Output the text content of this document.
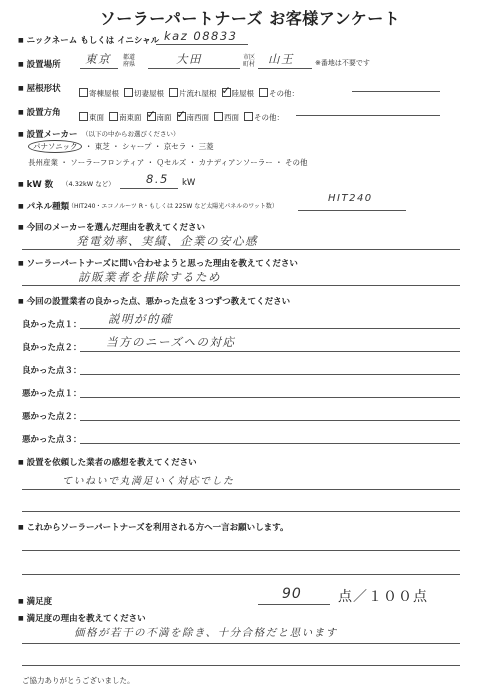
ソーラーパートナーズ お客様アンケート
■ ニックネーム もしくは イニシャル kaz 08833
■ 設置場所 東京 都道府県	大田	市区町村 山王	※番地は不要です
■ 屋根形状	寄棟屋根 切妻屋根 片流れ屋根 ✓ 陸屋根 その他：
■ 設置方角	東面 南東面 ✓ 南面 ✓ 南西面 西面 その他：
■ 設置メーカー （以下の中からお選びください）
パナソニック ・ 東芝 ・ シャープ ・ 京セラ ・ 三菱
長州産業 ・ ソーラーフロンティア ・ Ｑセルズ ・ カナディアンソーラー ・ その他
■ kW 数 （4.32kW など）	8.5 kW
■ パネル種類
（HIT240・エコノルーツ R・もしくは 225W など太陽光パネルのワット数）
HIT240
■ 今回のメーカーを選んだ理由を教えてください
発電効率、実績、企業の安心感
■ ソーラーパートナーズに問い合わせようと思った理由を教えてください
訪販業者を排除するため
■ 今回の設置業者の良かった点、悪かった点を３つずつ教えてください
良かった点１： 説明が的確
良かった点２： 当方のニーズへの対応
良かった点３：
悪かった点１：
悪かった点２：
悪かった点３：
■ 設置を依頼した業者の感想を教えてください
ていねいで丸満足いく対応でした
■ これからソーラーパートナーズを利用される方へ一言お願いします。
■ 満足度	90	点／１００点
■ 満足度の理由を教えてください
価格が若干の不満を除き、十分合格だと思います
ご協力ありがとうございました。
